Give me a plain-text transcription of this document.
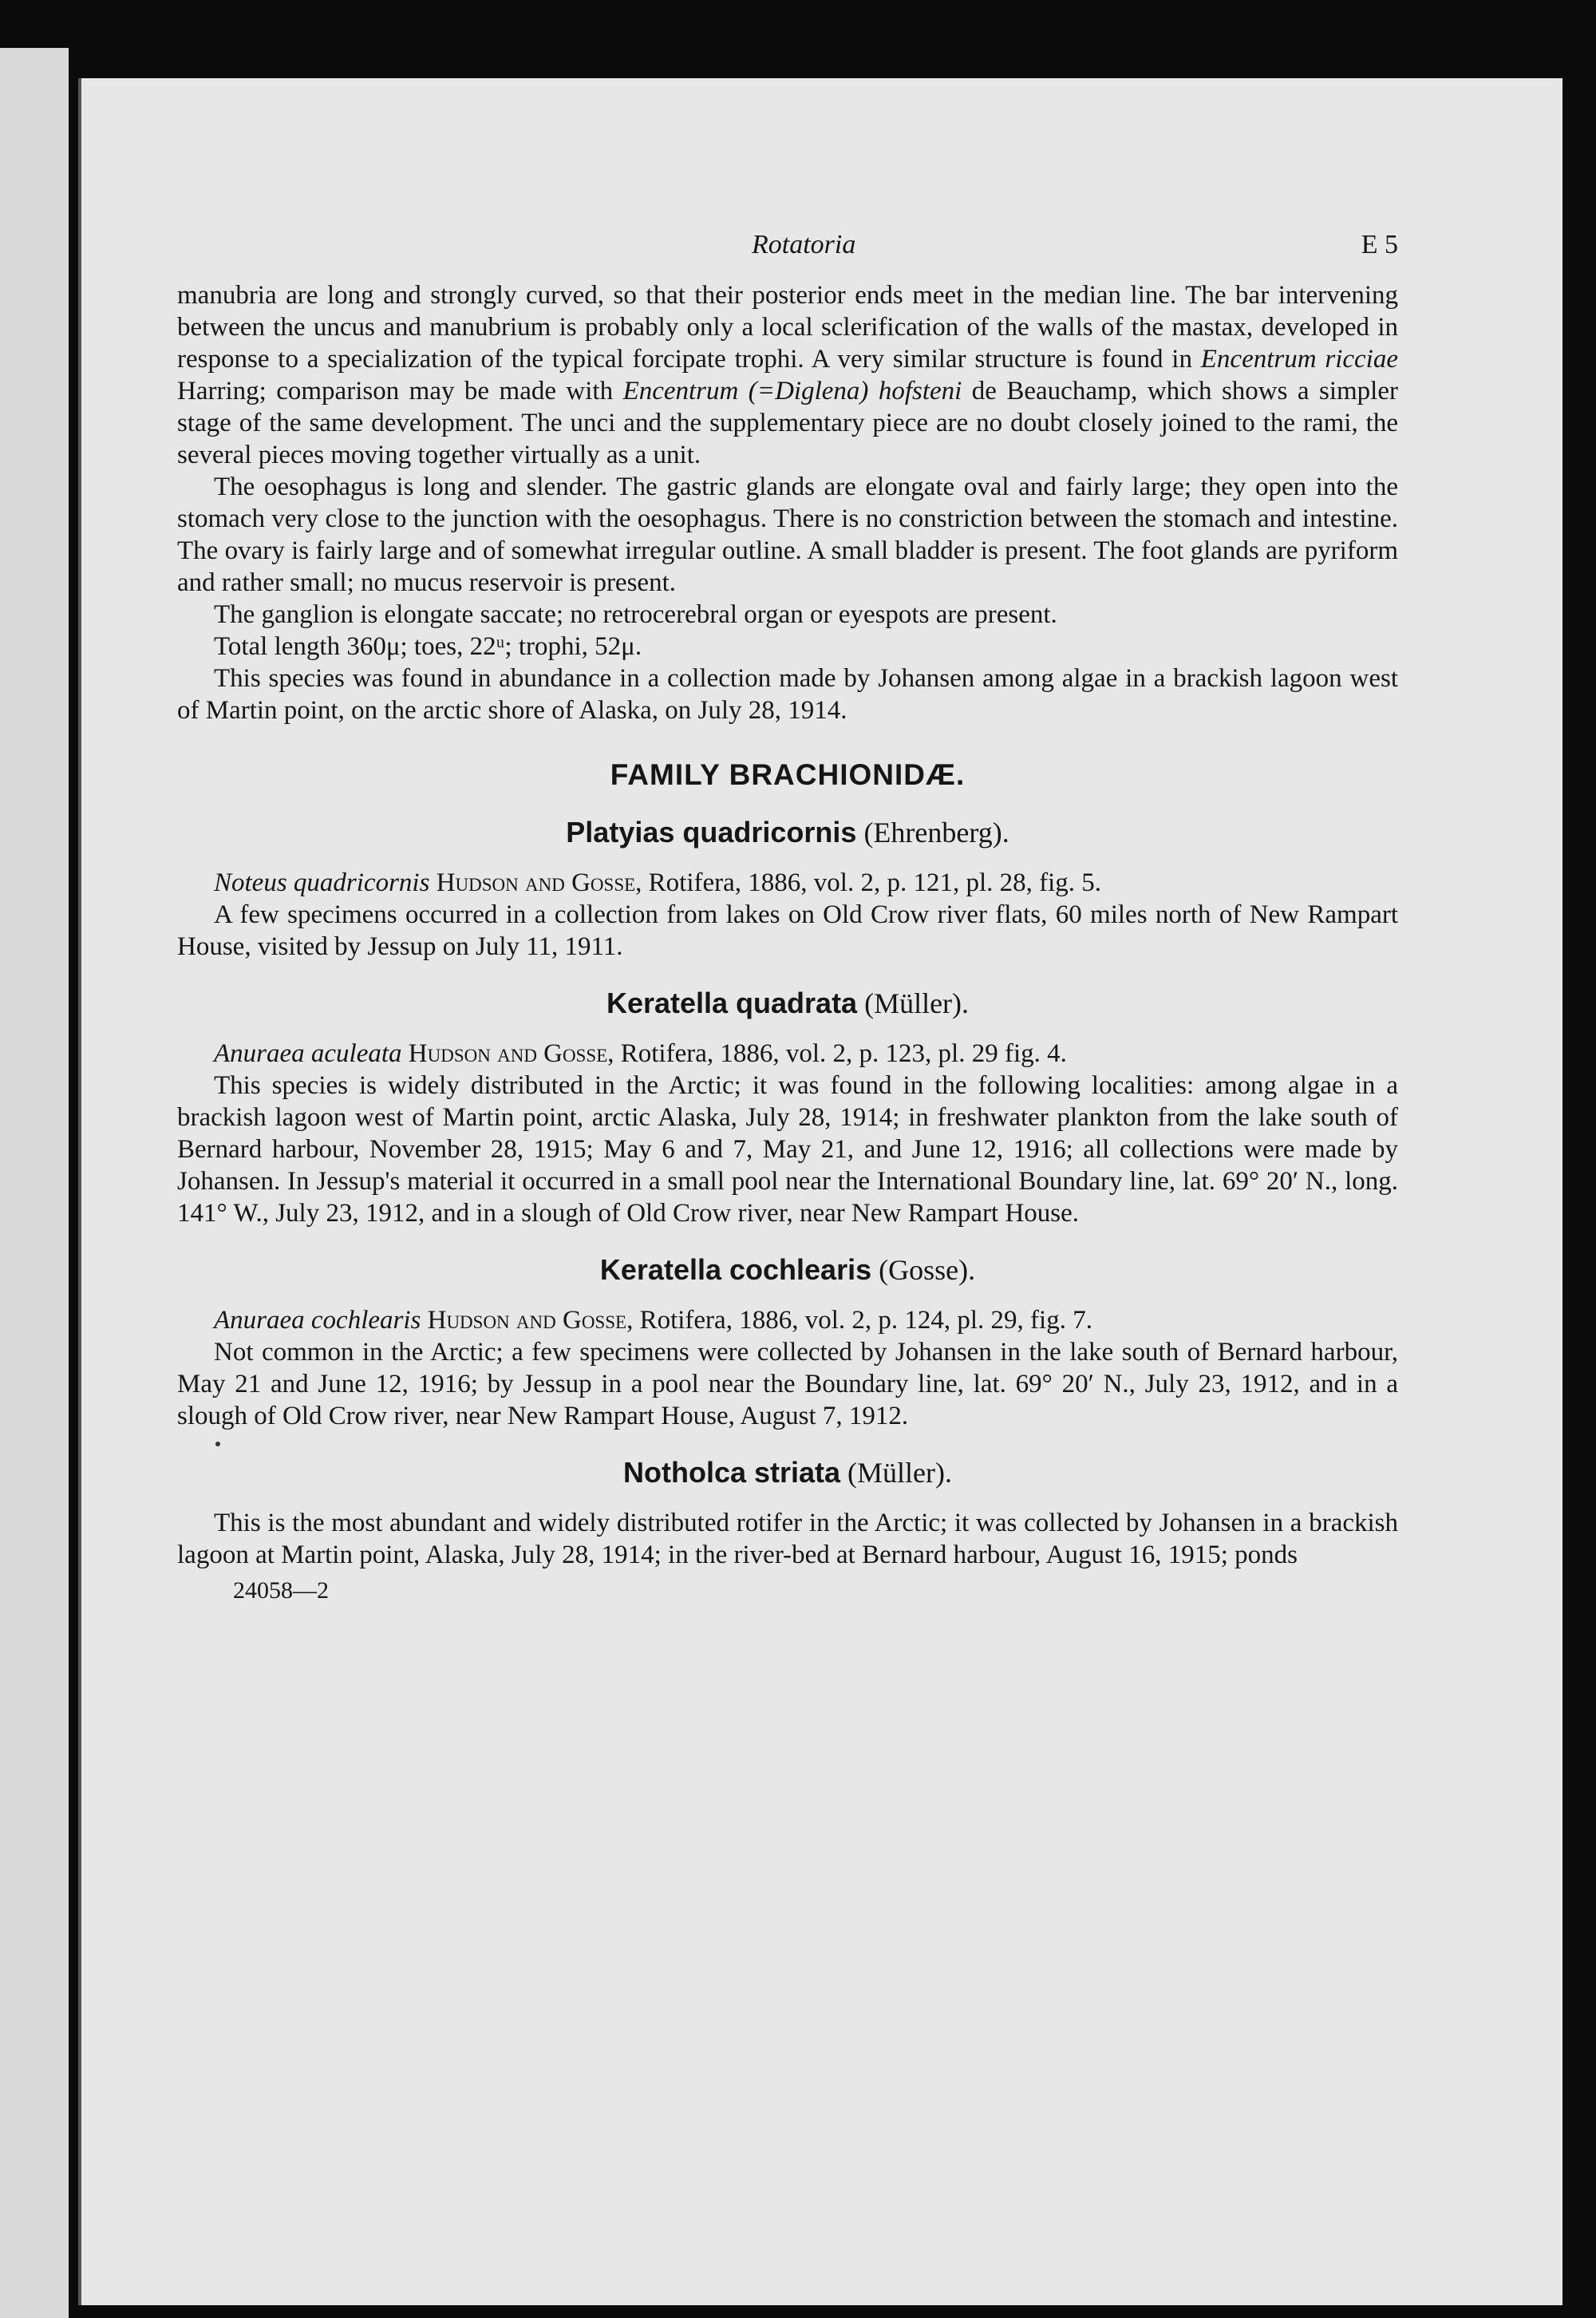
Rotatoria	E 5

manubria are long and strongly curved, so that their posterior ends meet in the median line. The bar intervening between the uncus and manubrium is probably only a local sclerification of the walls of the mastax, developed in response to a specialization of the typical forcipate trophi. A very similar structure is found in Encentrum ricciae Harring; comparison may be made with Encentrum (=Diglena) hofsteni de Beauchamp, which shows a simpler stage of the same development. The unci and the supplementary piece are no doubt closely joined to the rami, the several pieces moving together virtually as a unit.

The oesophagus is long and slender. The gastric glands are elongate oval and fairly large; they open into the stomach very close to the junction with the oesophagus. There is no constriction between the stomach and intestine. The ovary is fairly large and of somewhat irregular outline. A small bladder is present. The foot glands are pyriform and rather small; no mucus reservoir is present.

The ganglion is elongate saccate; no retrocerebral organ or eyespots are present.

Total length 360μ; toes, 22ᵘ; trophi, 52μ.

This species was found in abundance in a collection made by Johansen among algae in a brackish lagoon west of Martin point, on the arctic shore of Alaska, on July 28, 1914.

FAMILY BRACHIONIDÆ.
Platyias quadricornis (Ehrenberg).

Noteus quadricornis Hudson and Gosse, Rotifera, 1886, vol. 2, p. 121, pl. 28, fig. 5.

A few specimens occurred in a collection from lakes on Old Crow river flats, 60 miles north of New Rampart House, visited by Jessup on July 11, 1911.

Keratella quadrata (Müller).

Anuraea aculeata Hudson and Gosse, Rotifera, 1886, vol. 2, p. 123, pl. 29 fig. 4.

This species is widely distributed in the Arctic; it was found in the following localities: among algae in a brackish lagoon west of Martin point, arctic Alaska, July 28, 1914; in freshwater plankton from the lake south of Bernard harbour, November 28, 1915; May 6 and 7, May 21, and June 12, 1916; all collections were made by Johansen. In Jessup's material it occurred in a small pool near the International Boundary line, lat. 69° 20′ N., long. 141° W., July 23, 1912, and in a slough of Old Crow river, near New Rampart House.

Keratella cochlearis (Gosse).

Anuraea cochlearis Hudson and Gosse, Rotifera, 1886, vol. 2, p. 124, pl. 29, fig. 7.

Not common in the Arctic; a few specimens were collected by Johansen in the lake south of Bernard harbour, May 21 and June 12, 1916; by Jessup in a pool near the Boundary line, lat. 69° 20′ N., July 23, 1912, and in a slough of Old Crow river, near New Rampart House, August 7, 1912.

Notholca striata (Müller).

This is the most abundant and widely distributed rotifer in the Arctic; it was collected by Johansen in a brackish lagoon at Martin point, Alaska, July 28, 1914; in the river-bed at Bernard harbour, August 16, 1915; ponds

24058—2
